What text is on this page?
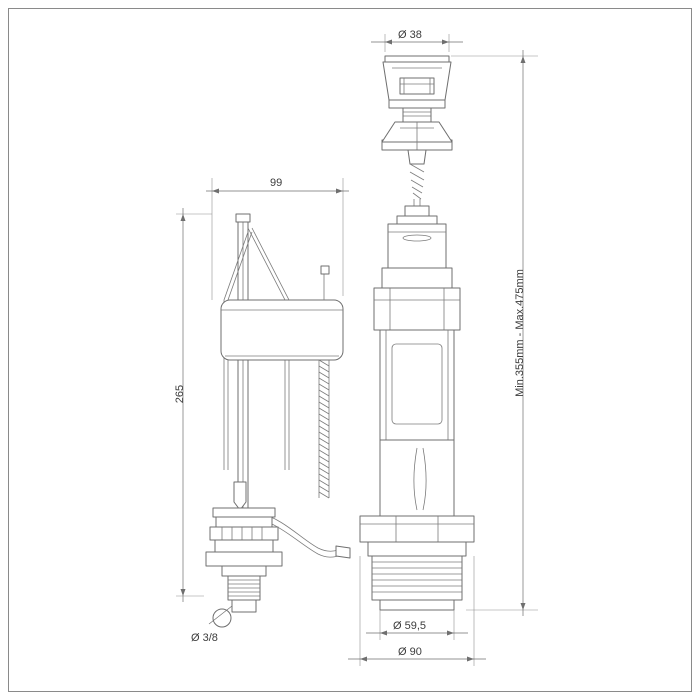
Ø 38
99
265	Min.355mm - Max.475mm
Ø 3/8
Ø 59,5
Ø 90
